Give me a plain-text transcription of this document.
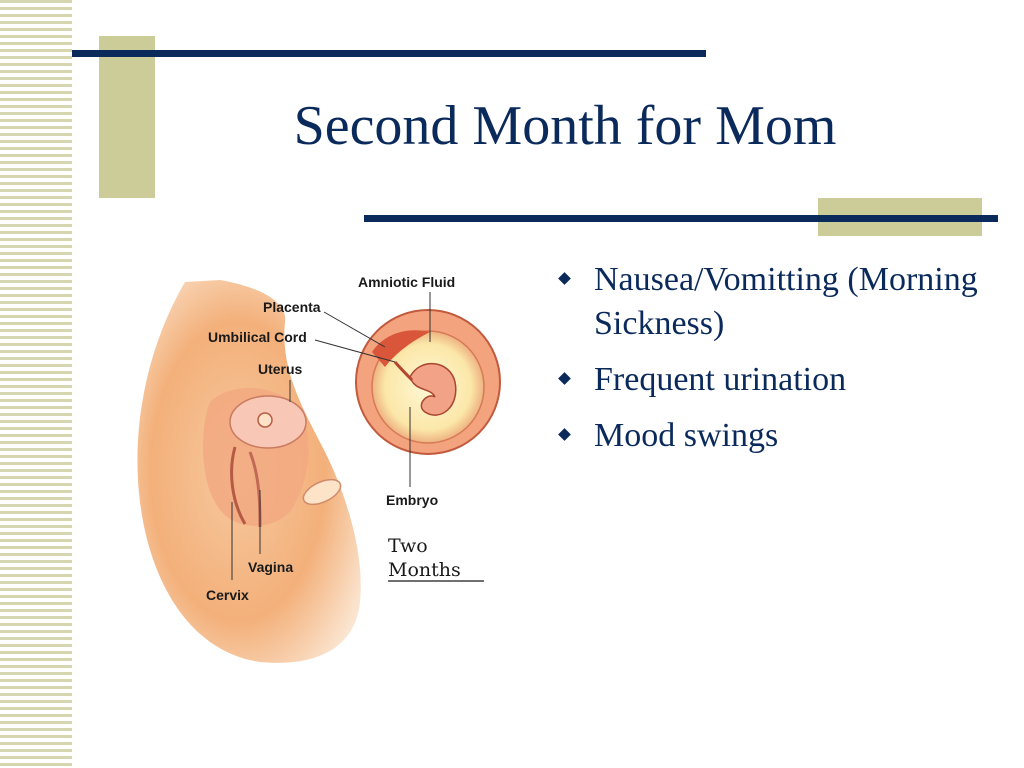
Second Month for Mom
Nausea/Vomitting (Morning Sickness)
Frequent urination
Mood swings
Amniotic Fluid
Placenta
Umbilical Cord
Uterus
Embryo
Vagina
Cervix
Two
Months
